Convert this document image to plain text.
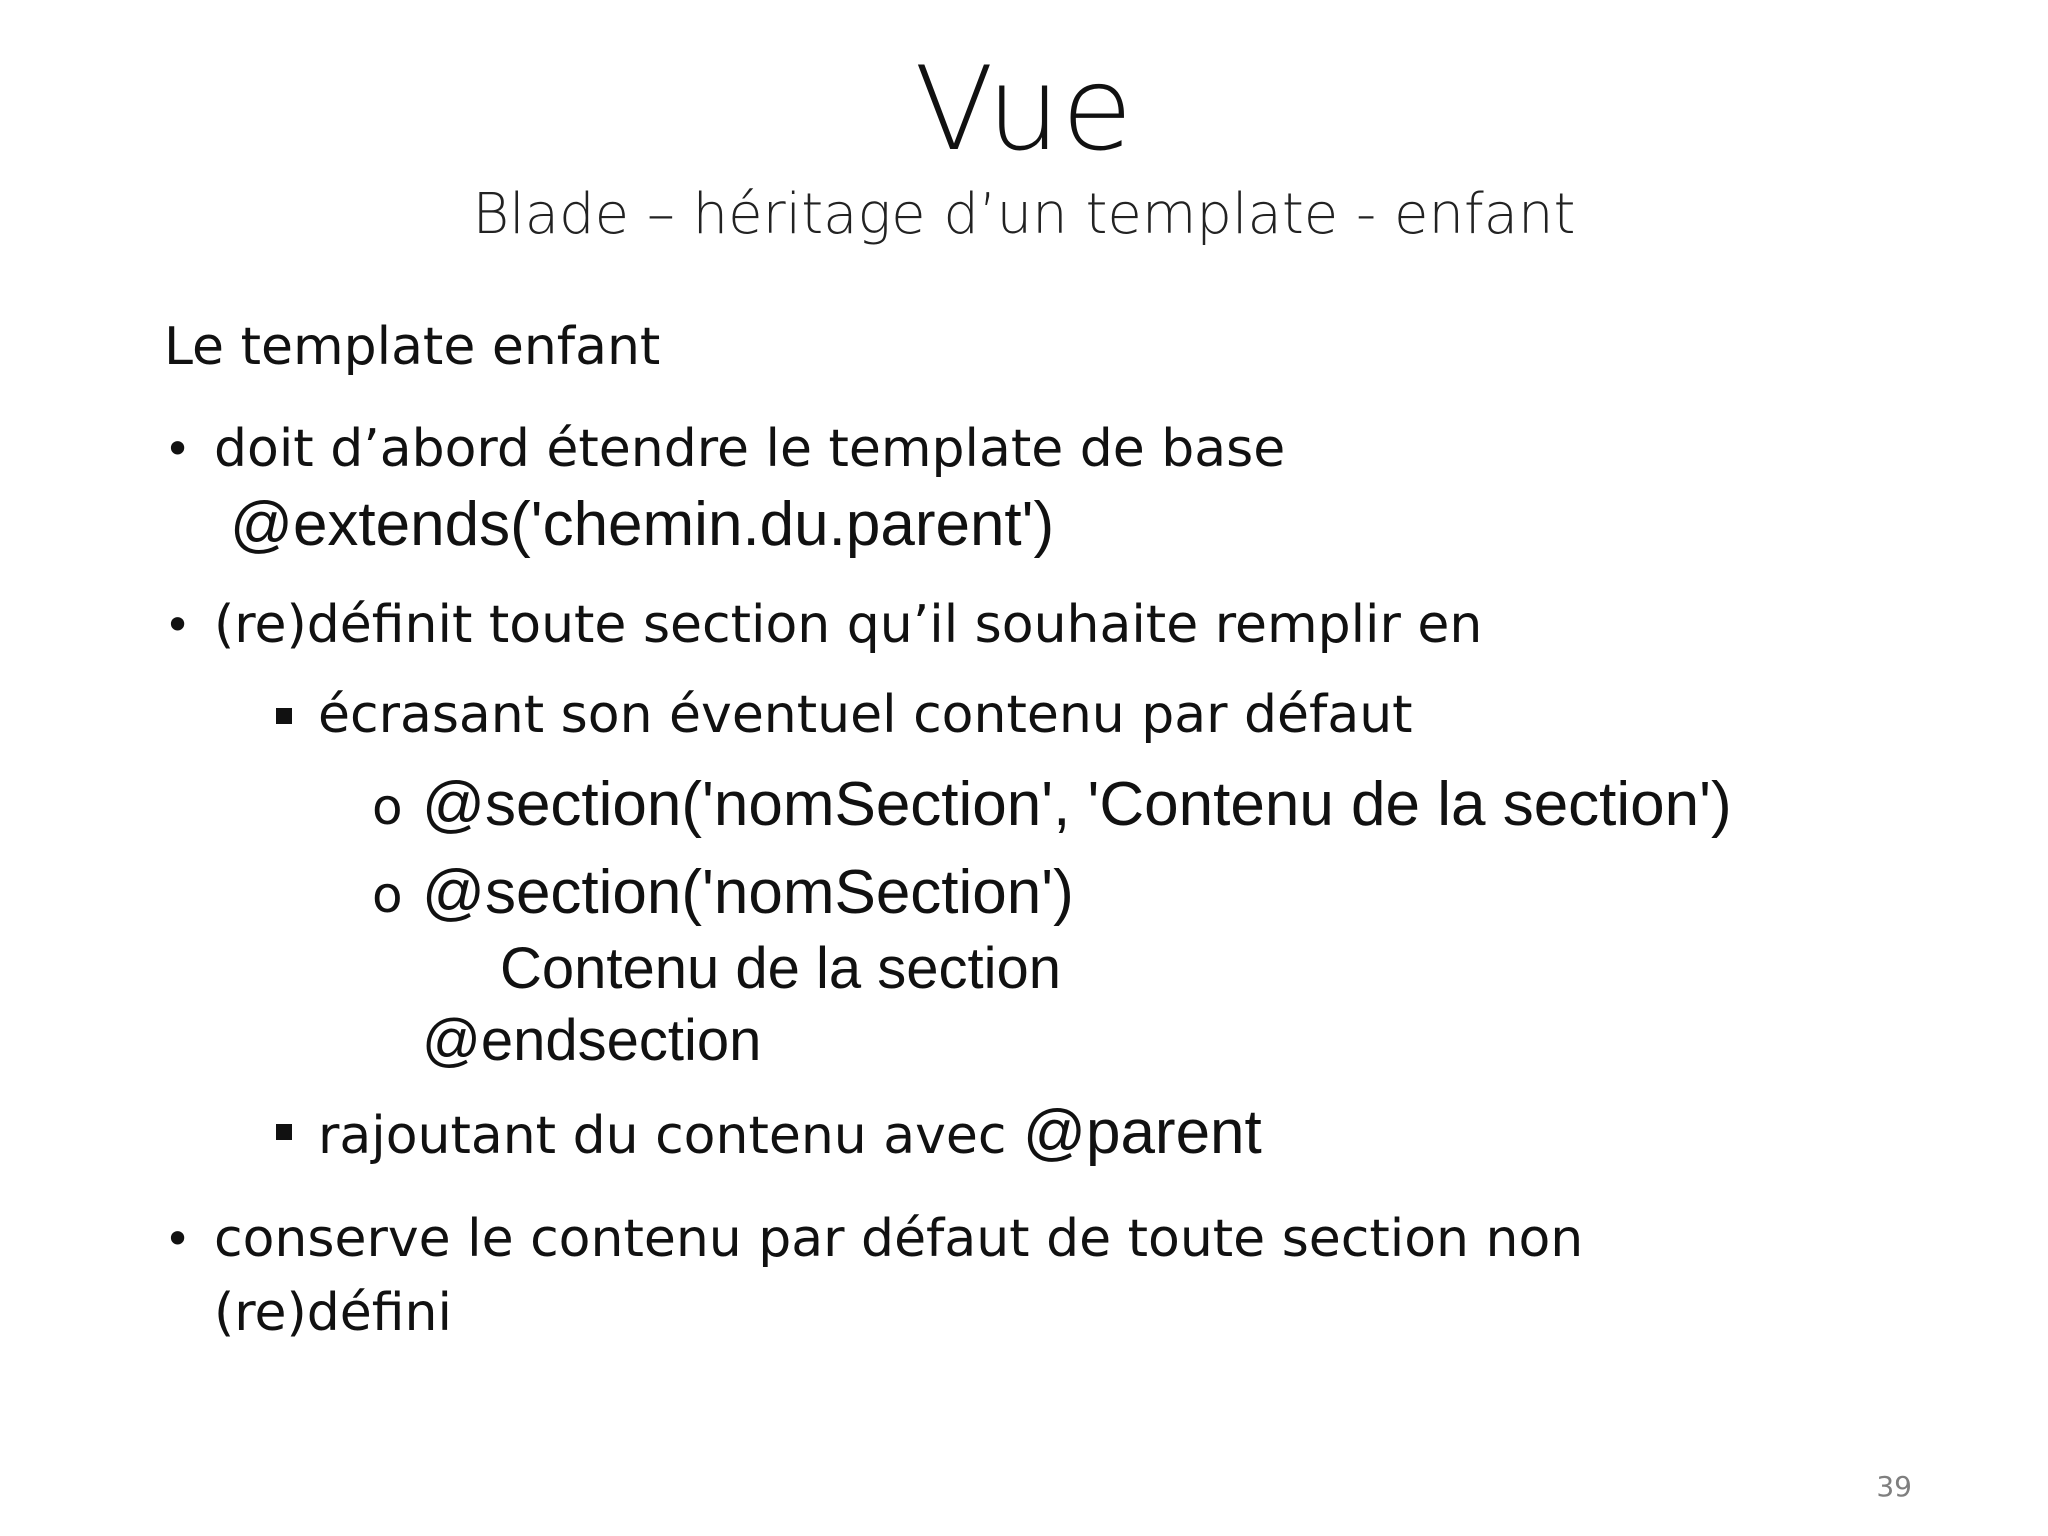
Vue
Blade – héritage d’un template - enfant
Le template enfant
• doit d’abord étendre le template de base
@extends('chemin.du.parent')
• (re)définit toute section qu’il souhaite remplir en
écrasant son éventuel contenu par défaut
o @section('nomSection', 'Contenu de la section')
o @section('nomSection')
Contenu de la section
@endsection
rajoutant du contenu avec @parent
• conserve le contenu par défaut de toute section non
(re)défini
39
